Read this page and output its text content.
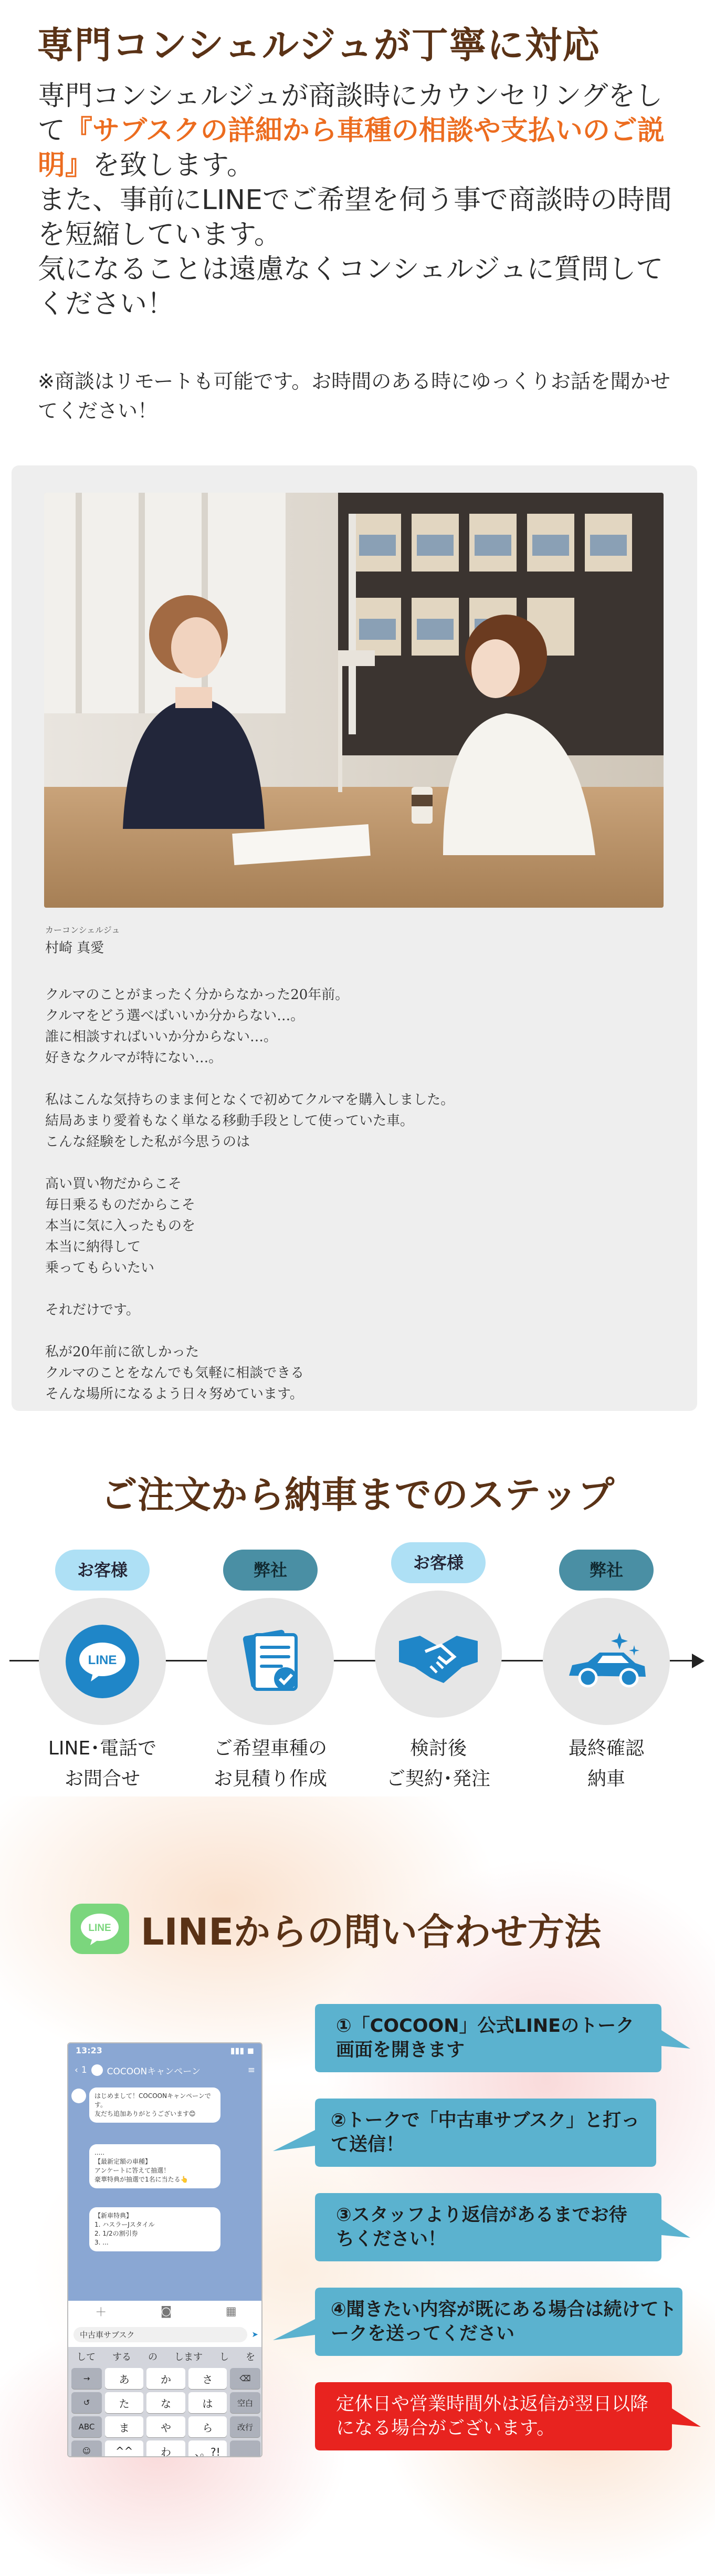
専門コンシェルジュが丁寧に対応
専門コンシェルジュが商談時にカウンセリングをして『サブスクの詳細から車種の相談や支払いのご説明』を致します。
また、事前にLINEでご希望を伺う事で商談時の時間を短縮しています。
気になることは遠慮なくコンシェルジュに質問してください！

※商談はリモートも可能です。お時間のある時にゆっくりお話を聞かせてください！

カーコンシェルジュ
村崎 真愛

クルマのことがまったく分からなかった20年前。
クルマをどう選べばいいか分からない…。
誰に相談すればいいか分からない…。
好きなクルマが特にない…。

私はこんな気持ちのまま何となくで初めてクルマを購入しました。
結局あまり愛着もなく単なる移動手段として使っていた車。
こんな経験をした私が今思うのは

高い買い物だからこそ
毎日乗るものだからこそ
本当に気に入ったものを
本当に納得して
乗ってもらいたい

それだけです。

私が20年前に欲しかった
クルマのことをなんでも気軽に相談できる
そんな場所になるよう日々努めています。

ご注文から納車までのステップ
お客様
LINE
LINE･電話で
お問合せ
弊社
ご希望車種の
お見積り作成
お客様
検討後
ご契約･発注
弊社
最終確認
納車
LINE LINEからの問い合わせ方法
13:23	▮▮▮ ◼
‹ 1 COCOONキャンペーン	≡
はじめまして！COCOONキャンペーンです。
友だち追加ありがとうございます😊
.....
【最新定額の車種】
アンケートに答えて抽選！
豪華特典が抽選で1名に当たる👆
【新車特典】
1. ハスラーJスタイル
2. 1/2の割引券
3. ...
＋	◙	▦
中古車サブスク	➤
して する の します し を
→	あ	か	さ	⌫
↺	た	な	は	空白
ABC	ま	や	ら	改行
☺	^^	わ	、。?!
①「COCOON」公式LINEのトーク画面を開きます
②トークで「中古車サブスク」と打って送信！
③スタッフより返信があるまでお待ちください！
④聞きたい内容が既にある場合は続けてトークを送ってください
定休日や営業時間外は返信が翌日以降になる場合がございます。
